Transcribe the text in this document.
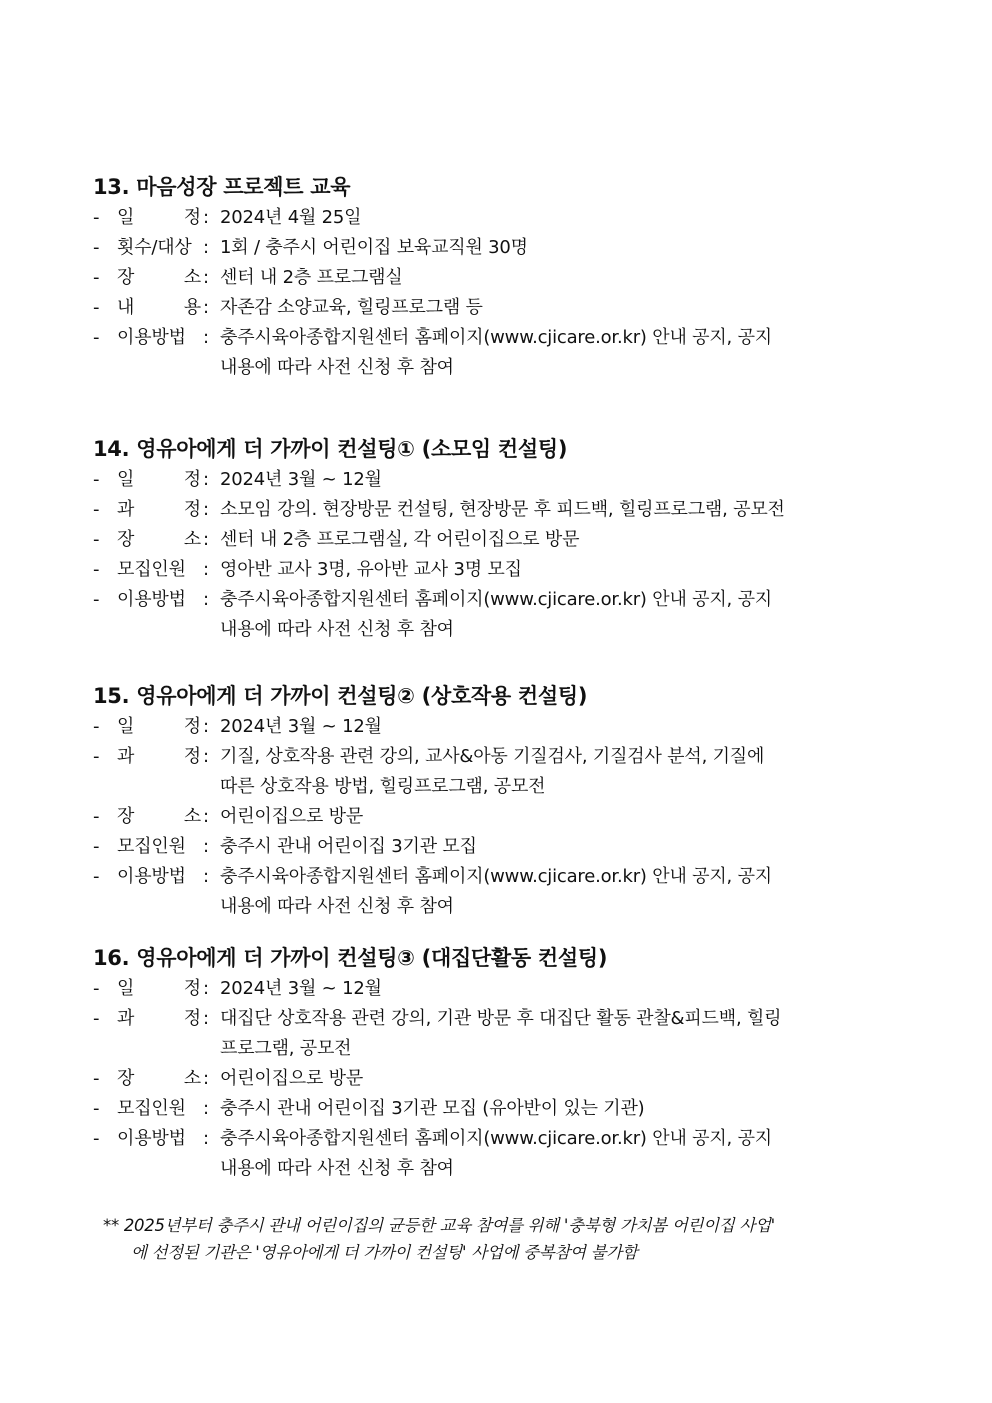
13. 마음성장 프로젝트 교육
- 일	정 : 2024년 4월 25일
- 횟수/대상 : 1회 / 충주시 어린이집 보육교직원 30명
- 장	소 : 센터 내 2층 프로그램실
- 내	용 : 자존감 소양교육, 힐링프로그램 등
- 이용방법 : 충주시육아종합지원센터 홈페이지(www.cjicare.or.kr) 안내 공지, 공지
내용에 따라 사전 신청 후 참여
14. 영유아에게 더 가까이 컨설팅① (소모임 컨설팅)
- 일	정 : 2024년 3월 ~ 12월
- 과	정 : 소모임 강의. 현장방문 컨설팅, 현장방문 후 피드백, 힐링프로그램, 공모전
- 장	소 : 센터 내 2층 프로그램실, 각 어린이집으로 방문
- 모집인원 : 영아반 교사 3명, 유아반 교사 3명 모집
- 이용방법 : 충주시육아종합지원센터 홈페이지(www.cjicare.or.kr) 안내 공지, 공지
내용에 따라 사전 신청 후 참여
15. 영유아에게 더 가까이 컨설팅② (상호작용 컨설팅)
- 일	정 : 2024년 3월 ~ 12월
- 과	정 : 기질, 상호작용 관련 강의, 교사&아동 기질검사, 기질검사 분석, 기질에
따른 상호작용 방법, 힐링프로그램, 공모전
- 장	소 : 어린이집으로 방문
- 모집인원 : 충주시 관내 어린이집 3기관 모집
- 이용방법 : 충주시육아종합지원센터 홈페이지(www.cjicare.or.kr) 안내 공지, 공지
내용에 따라 사전 신청 후 참여
16. 영유아에게 더 가까이 컨설팅③ (대집단활동 컨설팅)
- 일	정 : 2024년 3월 ~ 12월
- 과	정 : 대집단 상호작용 관련 강의, 기관 방문 후 대집단 활동 관찰&피드백, 힐링
프로그램, 공모전
- 장	소 : 어린이집으로 방문
- 모집인원 : 충주시 관내 어린이집 3기관 모집 (유아반이 있는 기관)
- 이용방법 : 충주시육아종합지원센터 홈페이지(www.cjicare.or.kr) 안내 공지, 공지
내용에 따라 사전 신청 후 참여
** 2025년부터 충주시 관내 어린이집의 균등한 교육 참여를 위해 '충북형 가치봄 어린이집 사업'
에 선정된 기관은 '영유아에게 더 가까이 컨설팅' 사업에 중복참여 불가함
